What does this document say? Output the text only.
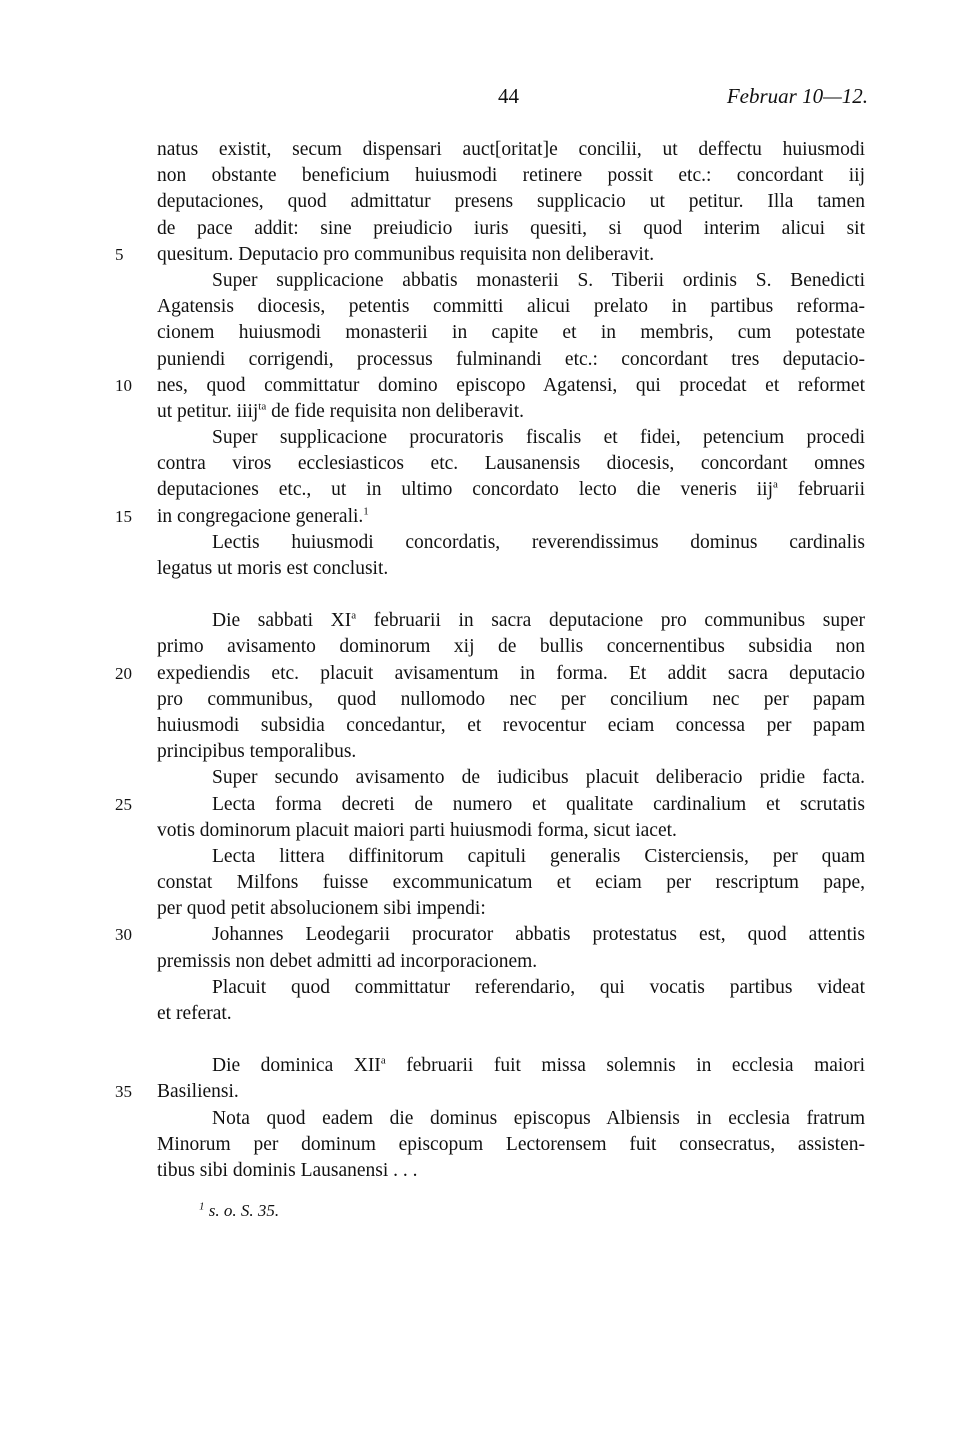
44	Februar 10—12.
natus existit, secum dispensari auct[oritat]e concilii, ut deffectu huiusmodi
non obstante beneficium huiusmodi retinere possit etc.: concordant iij
deputaciones, quod admittatur presens supplicacio ut petitur. Illa tamen
de pace addit: sine preiudicio iuris quesiti, si quod interim alicui sit
5 quesitum. Deputacio pro communibus requisita non deliberavit.
Super supplicacione abbatis monasterii S. Tiberii ordinis S. Benedicti
Agatensis diocesis, petentis committi alicui prelato in partibus reforma-
cionem huiusmodi monasterii in capite et in membris, cum potestate
puniendi corrigendi, processus fulminandi etc.: concordant tres deputacio-
10 nes, quod committatur domino episcopo Agatensi, qui procedat et reformet
ut petitur. iiij$^{ta}$ de fide requisita non deliberavit.
Super supplicacione procuratoris fiscalis et fidei, petencium procedi
contra viros ecclesiasticos etc. Lausanensis diocesis, concordant omnes
deputaciones etc., ut in ultimo concordato lecto die veneris iij$^a$ februarii
15 in congregacione generali.$^1$
Lectis huiusmodi concordatis, reverendissimus dominus cardinalis
legatus ut moris est conclusit.
Die sabbati $XI^a$ februarii in sacra deputacione pro communibus super
primo avisamento dominorum xij de bullis concernentibus subsidia non
20 expediendis etc. placuit avisamentum in forma. Et addit sacra deputacio
pro communibus, quod nullomodo nec per concilium nec per papam
huiusmodi subsidia concedantur, et revocentur eciam concessa per papam
principibus temporalibus.
Super secundo avisamento de iudicibus placuit deliberacio pridie facta.
25	Lecta forma decreti de numero et qualitate cardinalium et scrutatis
votis dominorum placuit maiori parti huiusmodi forma, sicut iacet.
Lecta littera diffinitorum capituli generalis Cisterciensis, per quam
constat Milfons fuisse excommunicatum et eciam per rescriptum pape,
per quod petit absolucionem sibi impendi:
30	Johannes Leodegarii procurator abbatis protestatus est, quod attentis
premissis non debet admitti ad incorporacionem.
Placuit quod committatur referendario, qui vocatis partibus videat
et referat.
Die dominica XII$^a$ februarii fuit missa solemnis in ecclesia maiori
35 Basiliensi.
Nota quod eadem die dominus episcopus Albiensis in ecclesia fratrum
Minorum per dominum episcopum Lectorensem fuit consecratus, assisten-
tibus sibi dominis Lausanensi . . .
$^1$ s. o. S. 35.
